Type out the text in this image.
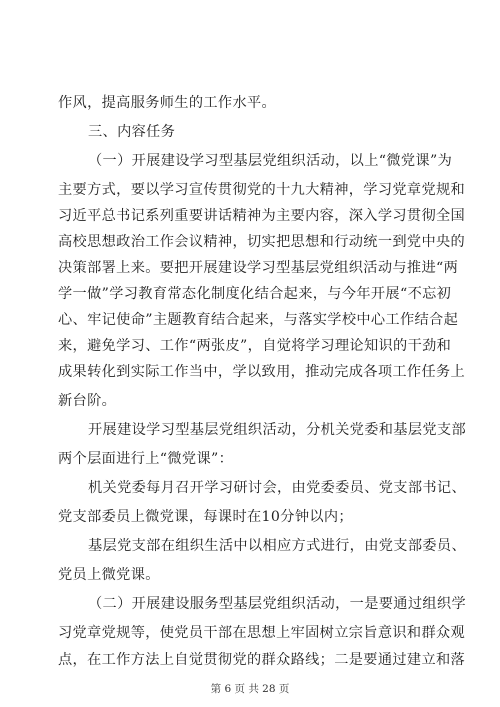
作风，提高服务师生的工作水平。
三、内容任务
（一）开展建设学习型基层党组织活动，以上“微党课”为
主要方式，要以学习宣传贯彻党的十九大精神，学习党章党规和
习近平总书记系列重要讲话精神为主要内容，深入学习贯彻全国
高校思想政治工作会议精神，切实把思想和行动统一到党中央的
决策部署上来。要把开展建设学习型基层党组织活动与推进“两
学一做”学习教育常态化制度化结合起来，与今年开展“不忘初
心、牢记使命”主题教育结合起来，与落实学校中心工作结合起
来，避免学习、工作“两张皮”，自觉将学习理论知识的干劲和
成果转化到实际工作当中，学以致用，推动完成各项工作任务上
新台阶。
开展建设学习型基层党组织活动，分机关党委和基层党支部
两个层面进行上“微党课”：
机关党委每月召开学习研讨会，由党委委员、党支部书记、
党支部委员上微党课，每课时在10分钟以内；
基层党支部在组织生活中以相应方式进行，由党支部委员、
党员上微党课。
（二）开展建设服务型基层党组织活动，一是要通过组织学
习党章党规等，使党员干部在思想上牢固树立宗旨意识和群众观
点，在工作方法上自觉贯彻党的群众路线；二是要通过建立和落
第 6 页 共 28 页
